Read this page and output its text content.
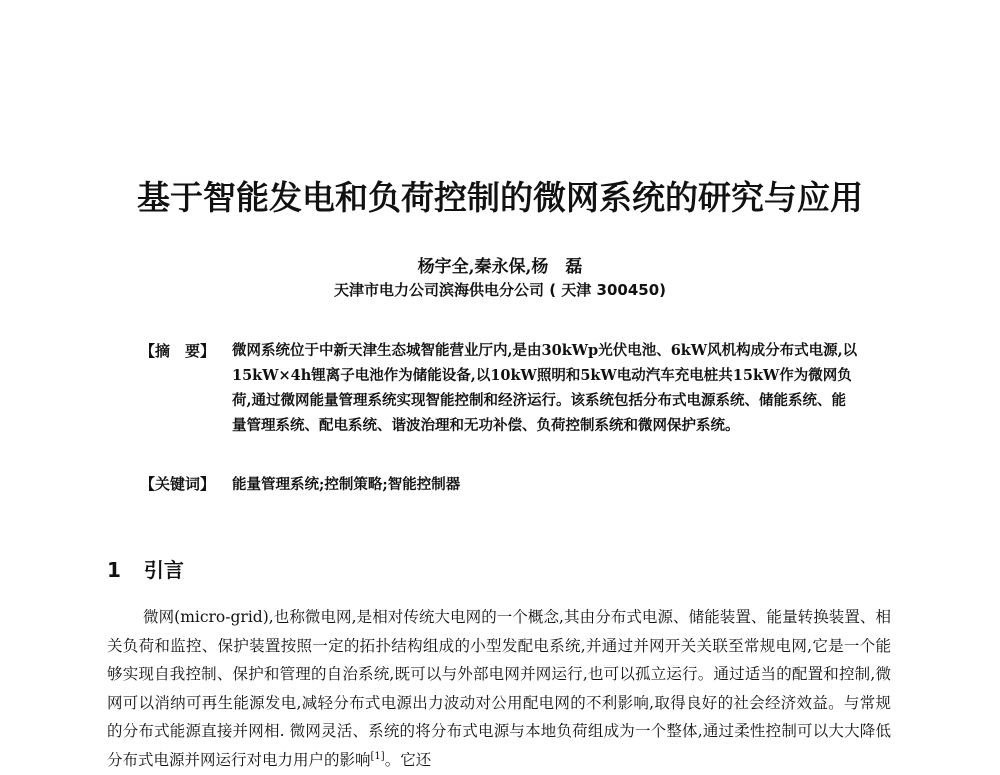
基于智能发电和负荷控制的微网系统的研究与应用
杨宇全,秦永保,杨　磊
天津市电力公司滨海供电分公司 ( 天津 300450)
【摘　要】 微网系统位于中新天津生态城智能营业厅内,是由30kWp光伏电池、6kW风机构成分布式电源,以15kW×4h锂离子电池作为储能设备,以10kW照明和5kW电动汽车充电桩共15kW作为微网负荷,通过微网能量管理系统实现智能控制和经济运行。该系统包括分布式电源系统、储能系统、能量管理系统、配电系统、谐波治理和无功补偿、负荷控制系统和微网保护系统。
【关键词】 能量管理系统;控制策略;智能控制器
1 引言
微网(micro-grid),也称微电网,是相对传统大电网的一个概念,其由分布式电源、储能装置、能量转换装置、相关负荷和监控、保护装置按照一定的拓扑结构组成的小型发配电系统,并通过并网开关关联至常规电网,它是一个能够实现自我控制、保护和管理的自治系统,既可以与外部电网并网运行,也可以孤立运行。通过适当的配置和控制,微网可以消纳可再生能源发电,减轻分布式电源出力波动对公用配电网的不利影响,取得良好的社会经济效益。与常规的分布式能源直接并网相. 微网灵活、系统的将分布式电源与本地负荷组成为一个整体,通过柔性控制可以大大降低分布式电源并网运行对电力用户的影响[1]。它还
